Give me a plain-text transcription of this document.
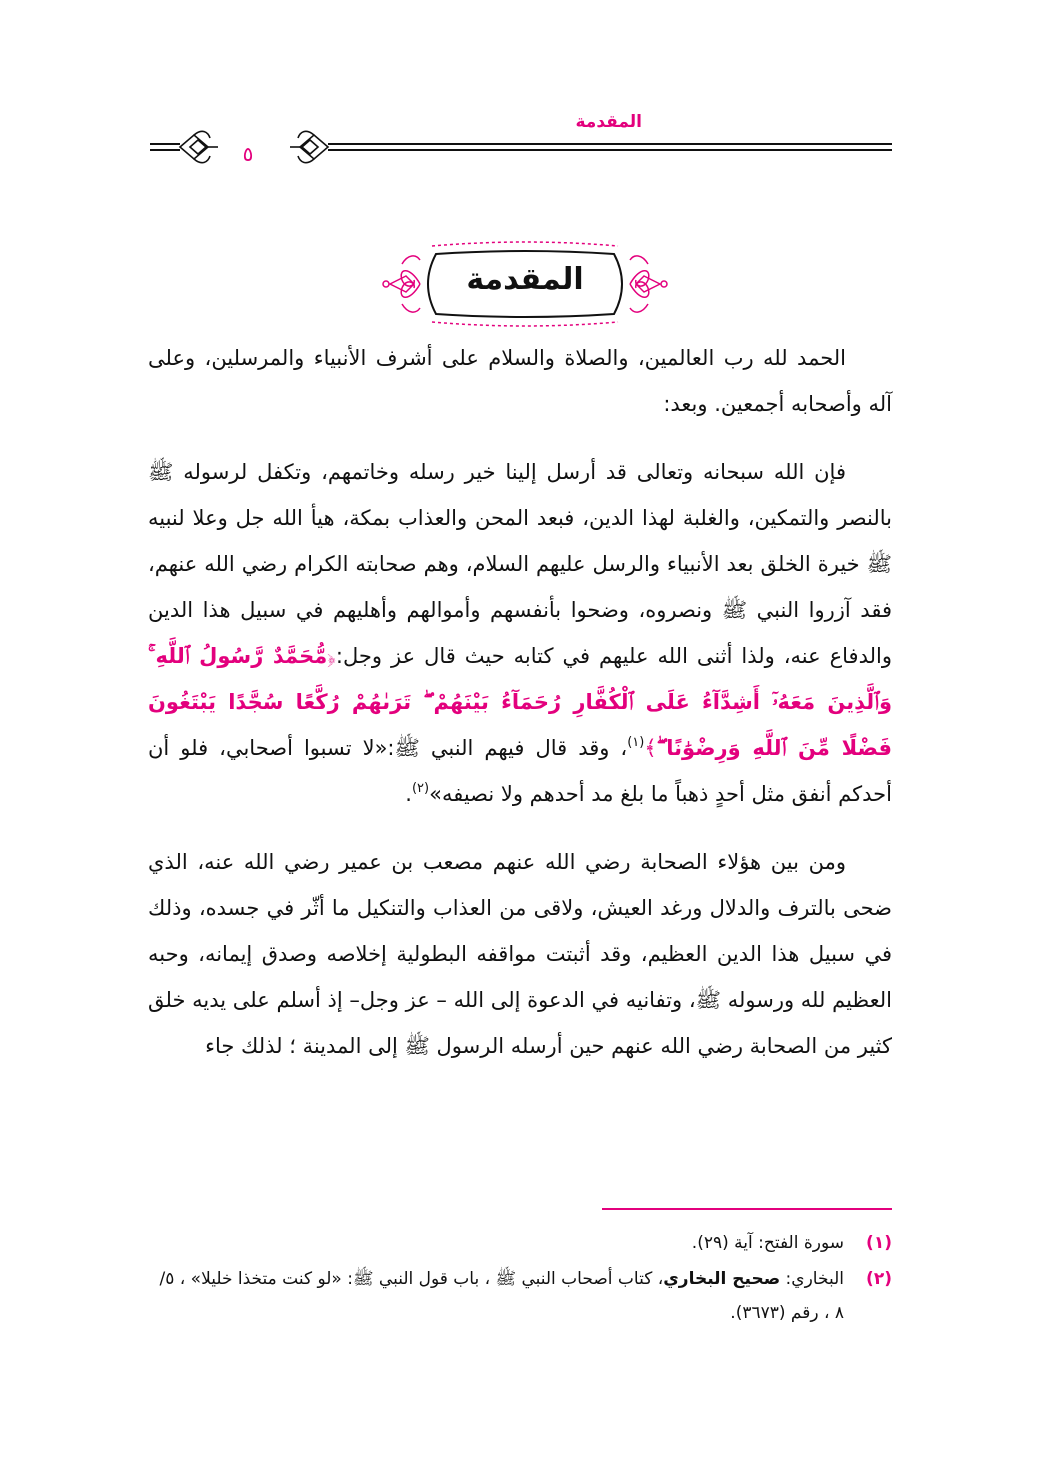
المقدمة
٥
المقدمة

الحمد لله رب العالمين، والصلاة والسلام على أشرف الأنبياء والمرسلين، وعلى آله وأصحابه أجمعين. وبعد:

فإن الله سبحانه وتعالى قد أرسل إلينا خير رسله وخاتمهم، وتكفل لرسوله ﷺ بالنصر والتمكين، والغلبة لهذا الدين، فبعد المحن والعذاب بمكة، هيأ الله جل وعلا لنبيه ﷺ خيرة الخلق بعد الأنبياء والرسل عليهم السلام، وهم صحابته الكرام رضي الله عنهم، فقد آزروا النبي ﷺ ونصروه، وضحوا بأنفسهم وأموالهم وأهليهم في سبيل هذا الدين والدفاع عنه، ولذا أثنى الله عليهم في كتابه حيث قال عز وجل:﴿مُّحَمَّدٌ رَّسُولُ ٱللَّهِ ۚ وَٱلَّذِينَ مَعَهُۥٓ أَشِدَّآءُ عَلَى ٱلْكُفَّارِ رُحَمَآءُ بَيْنَهُمْ ۖ تَرَىٰهُمْ رُكَّعًا سُجَّدًا يَبْتَغُونَ فَضْلًا مِّنَ ٱللَّهِ وَرِضْوَٰنًا ۖ﴾$^{(١)}$، وقد قال فيهم النبي ﷺ:«لا تسبوا أصحابي، فلو أن أحدكم أنفق مثل أحدٍ ذهباً ما بلغ مد أحدهم ولا نصيفه»$^{(٢)}$.

ومن بين هؤلاء الصحابة رضي الله عنهم مصعب بن عمير رضي الله عنه، الذي ضحى بالترف والدلال ورغد العيش، ولاقى من العذاب والتنكيل ما أثّر في جسده، وذلك في سبيل هذا الدين العظيم، وقد أثبتت مواقفه البطولية إخلاصه وصدق إيمانه، وحبه العظيم لله ورسوله ﷺ، وتفانيه في الدعوة إلى الله – عز وجل– إذ أسلم على يديه خلق كثير من الصحابة رضي الله عنهم حين أرسله الرسول ﷺ إلى المدينة ؛ لذلك جاء

(١)
سورة الفتح: آية (٢٩).
(٢)
البخاري: صحيح البخاري، كتاب أصحاب النبي ﷺ ، باب قول النبي ﷺ: «لو كنت متخذا خليلا» ، ٥/ ٨ ، رقم (٣٦٧٣).
